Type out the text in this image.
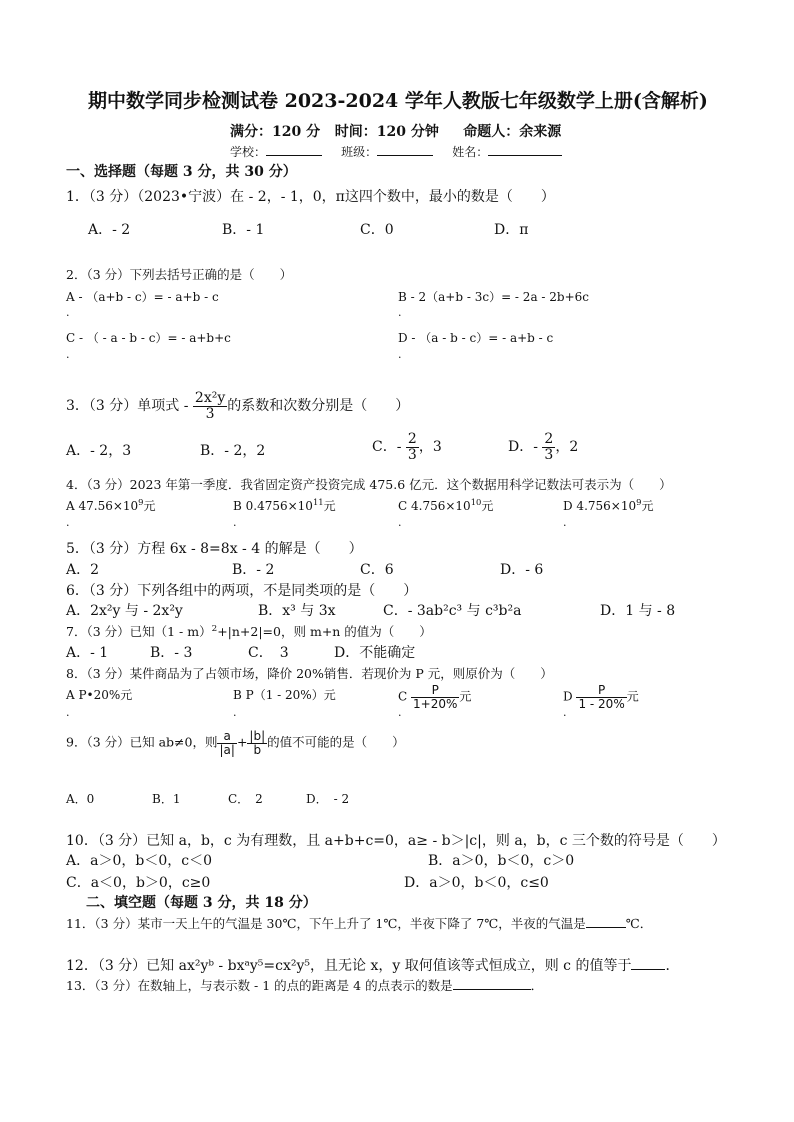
期中数学同步检测试卷 2023-2024 学年人教版七年级数学上册(含解析)
满分：120 分 时间：120 分钟 命题人：余来源
学校：	班级：	姓名：
一、选择题（每题 3 分，共 30 分）
1．（3 分）（2023•宁波）在 - 2，- 1，0，π这四个数中，最小的数是（　　）
A．- 2	B．- 1	C．0	D．π
2．（3 分）下列去括号正确的是（　　）
A - （a+b - c）= - a+b - c	B - 2（a+b - 3c）= - 2a - 2b+6c
.	.
C - （ - a - b - c）= - a+b+c	D - （a - b - c）= - a+b - c
.	.
3．（3 分）单项式 - $\frac{\text{2x²y}}{3}$ 的系数和次数分别是（　　）
A．- 2，3	B．- 2，2	C．- $\frac{2}{3}$ ，3	D．- $\frac{2}{3}$ ，2
4．（3 分）2023 年第一季度．我省固定资产投资完成 475.6 亿元．这个数据用科学记数法可表示为（　　）
A $47.56\times 10^9$元	B $0.4756\times 10^{11}$元	C $4.756\times 10^{10}$元	D $4.756\times 10^9$元
.	.	.	.
5．（3 分）方程 6x - 8=8x - 4 的解是（　　）
A．2	B．- 2	C．6	D．- 6
6．（3 分）下列各组中的两项，不是同类项的是（　　）
A．2x²y 与 - 2x²y	B．x³ 与 3x	C．- 3ab²c³ 与 c³b²a	D．1 与 - 8
7．（3 分）已知（1 - m）$^2$+|n+2|=0，则 m+n 的值为（　　）
A．- 1	B．- 3	C．　3	D．不能确定
8．（3 分）某件商品为了占领市场，降价 20%销售．若现价为 P 元，则原价为（　　）
A P•20%元	B P（1 - 20%）元	C $\frac{P}{1+20\%}$ 元	D $\frac{P}{1 - 20\%}$ 元
.	.	.	.
9．（3 分）已知 ab≠0，则 $\frac{a}{|a|} + \frac{|b|}{b}$ 的值不可能的是（　　）
A．0	B．1	C．　2	D．　- 2
10．（3 分）已知 a，b，c 为有理数，且 a+b+c=0，a≥ - b＞|c|，则 a，b，c 三个数的符号是（　　）
A．a＞0，b＜0，c＜0	B．a＞0，b＜0，c＞0
C．a＜0，b＞0，c≥0	D．a＞0，b＜0，c≤0
二、填空题（每题 3 分，共 18 分）
11．（3 分）某市一天上午的气温是 30℃，下午上升了 1℃，半夜下降了 7℃，半夜的气温是	℃．
12．（3 分）已知 ax²yᵇ - bxᵃy⁵=cx²y⁵，且无论 x，y 取何值该等式恒成立，则 c 的值等于 ．
13．（3 分）在数轴上，与表示数 - 1 的点的距离是 4 的点表示的数是	．
